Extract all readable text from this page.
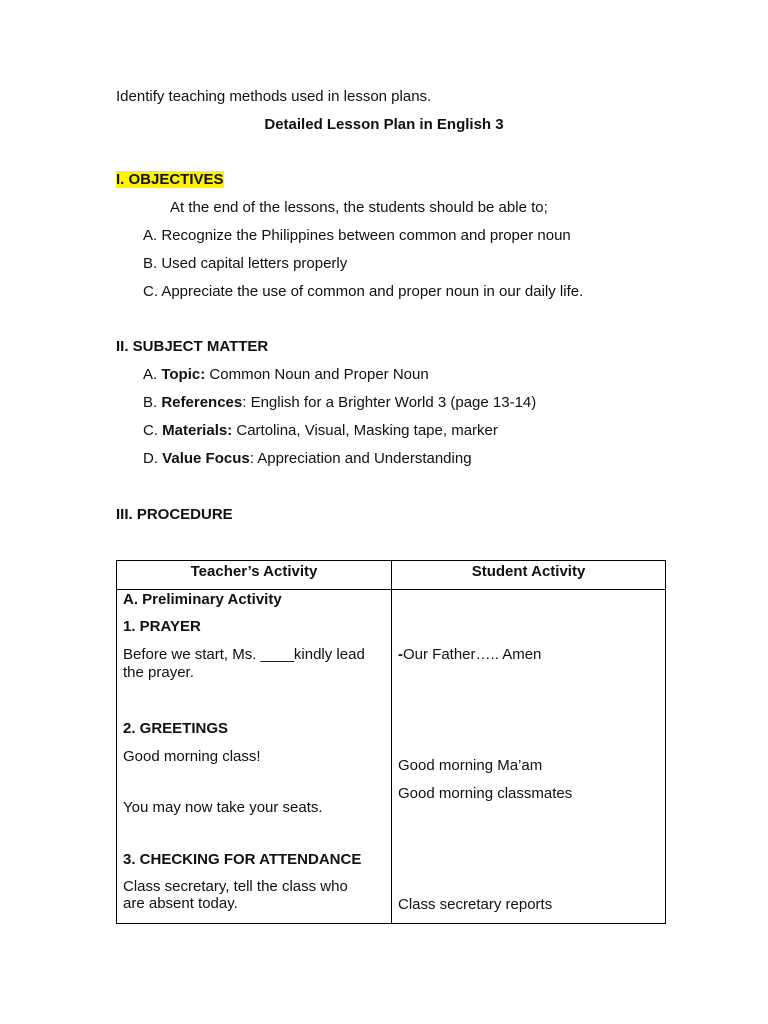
Identify teaching methods used in lesson plans.
Detailed Lesson Plan in English 3
I. OBJECTIVES
At the end of the lessons, the students should be able to;
A. Recognize the Philippines between common and proper noun
B. Used capital letters properly
C. Appreciate the use of common and proper noun in our daily life.
II. SUBJECT MATTER
A. Topic: Common Noun and Proper Noun
B. References: English for a Brighter World 3 (page 13-14)
C. Materials: Cartolina, Visual, Masking tape, marker
D. Value Focus: Appreciation and Understanding
III. PROCEDURE
Teacher’s Activity	Student Activity
A. Preliminary Activity
1. PRAYER
Before we start, Ms. ____kindly lead
the prayer.
-Our Father….. Amen
2. GREETINGS
Good morning class!
Good morning Ma’am
Good morning classmates
You may now take your seats.
3. CHECKING FOR ATTENDANCE
Class secretary, tell the class who
are absent today.	Class secretary reports
